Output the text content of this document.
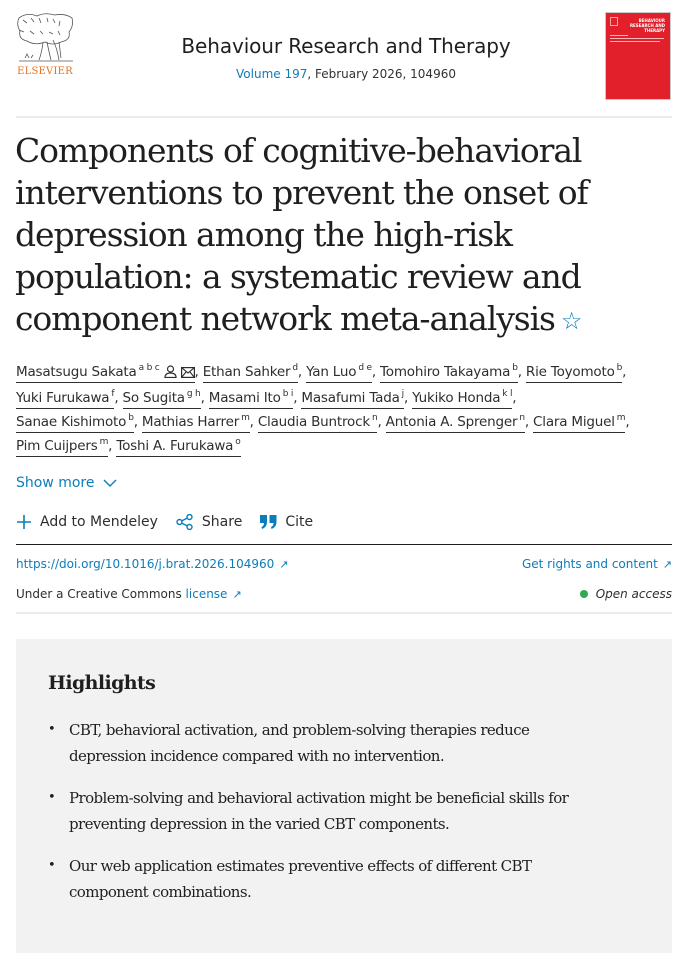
ELSEVIER
Behaviour Research and Therapy
Volume 197, February 2026, 104960
BEHAVIOUR RESEARCH AND THERAPY
Components of cognitive-behavioral interventions to prevent the onset of depression among the high-risk population: a systematic review and component network meta-analysis ☆
Masatsugu Sakata $^{a b c}$	, Ethan Sahker $^d$, Yan Luo $^{d e}$, Tomohiro Takayama $^b$, Rie Toyomoto $^b$,
Yuki Furukawa $^f$, So Sugita $^{g h}$, Masami Ito $^{b i}$, Masafumi Tada $^j$, Yukiko Honda $^{k l}$,
Sanae Kishimoto $^b$, Mathias Harrer $^m$, Claudia Buntrock $^n$, Antonia A. Sprenger $^n$, Clara Miguel $^m$,
Pim Cuijpers $^m$, Toshi A. Furukawa $^o$
Show more
Add to Mendeley	Share	Cite
https://doi.org/10.1016/j.brat.2026.104960 ↗	Get rights and content ↗
Under a Creative Commons license ↗	Open access
Highlights
• CBT, behavioral activation, and problem-solving therapies reduce depression incidence compared with no intervention.
• Problem-solving and behavioral activation might be beneficial skills for preventing depression in the varied CBT components.
• Our web application estimates preventive effects of different CBT component combinations.
